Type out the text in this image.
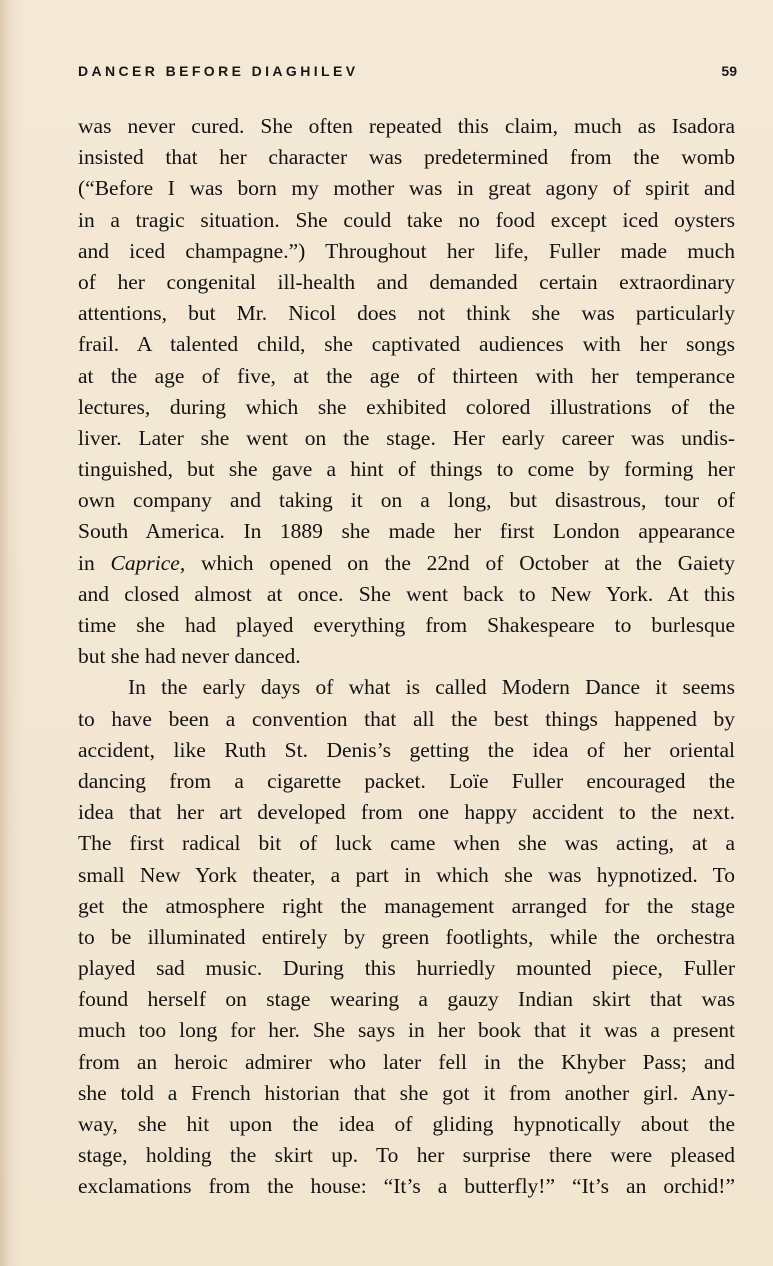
DANCER BEFORE DIAGHILEV	59
was never cured. She often repeated this claim, much as Isadora
insisted that her character was predetermined from the womb
(“Before I was born my mother was in great agony of spirit and
in a tragic situation. She could take no food except iced oysters
and iced champagne.”) Throughout her life, Fuller made much
of her congenital ill-health and demanded certain extraordinary
attentions, but Mr. Nicol does not think she was particularly
frail. A talented child, she captivated audiences with her songs
at the age of five, at the age of thirteen with her temperance
lectures, during which she exhibited colored illustrations of the
liver. Later she went on the stage. Her early career was undis-
tinguished, but she gave a hint of things to come by forming her
own company and taking it on a long, but disastrous, tour of
South America. In 1889 she made her first London appearance
in Caprice, which opened on the 22nd of October at the Gaiety
and closed almost at once. She went back to New York. At this
time she had played everything from Shakespeare to burlesque
but she had never danced.
In the early days of what is called Modern Dance it seems
to have been a convention that all the best things happened by
accident, like Ruth St. Denis’s getting the idea of her oriental
dancing from a cigarette packet. Loïe Fuller encouraged the
idea that her art developed from one happy accident to the next.
The first radical bit of luck came when she was acting, at a
small New York theater, a part in which she was hypnotized. To
get the atmosphere right the management arranged for the stage
to be illuminated entirely by green footlights, while the orchestra
played sad music. During this hurriedly mounted piece, Fuller
found herself on stage wearing a gauzy Indian skirt that was
much too long for her. She says in her book that it was a present
from an heroic admirer who later fell in the Khyber Pass; and
she told a French historian that she got it from another girl. Any-
way, she hit upon the idea of gliding hypnotically about the
stage, holding the skirt up. To her surprise there were pleased
exclamations from the house: “It’s a butterfly!” “It’s an orchid!”
